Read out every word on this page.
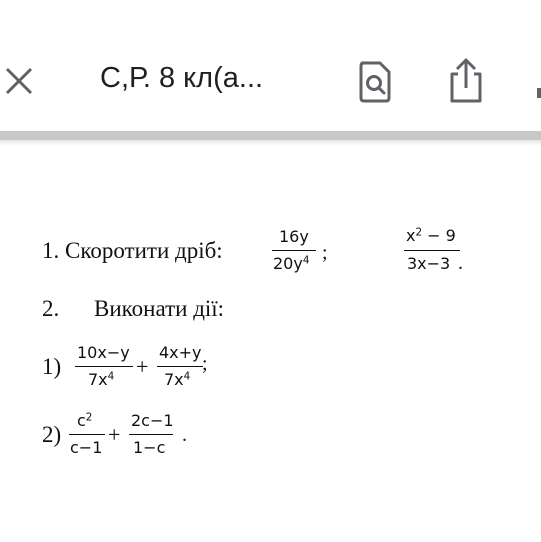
С,Р. 8 кл(а...
1. Скоротити дріб:
16y
$20y^4$ ;
$x^2 - 9$
3x−3 .
2. Виконати дії:
1)
10x−y
$7x^4$ +
4x+y
$7x^4$
;
2)
$c^2$
c−1
+
2c−1
1−c
.
